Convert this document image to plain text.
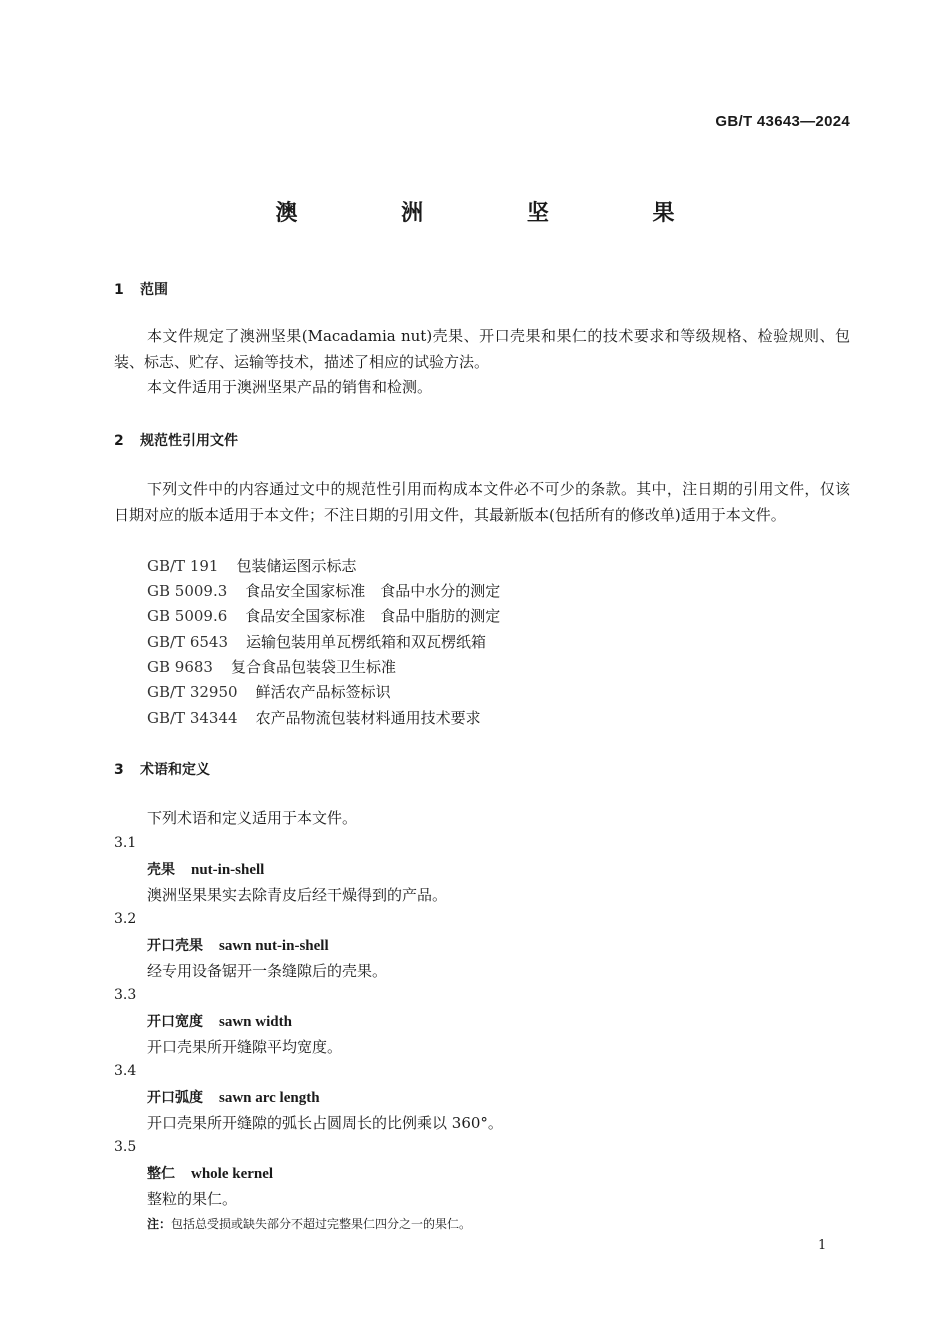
GB/T 43643—2024
澳 洲 坚 果
1 范围
本文件规定了澳洲坚果(Macadamia nut)壳果、开口壳果和果仁的技术要求和等级规格、检验规则、包装、标志、贮存、运输等技术，描述了相应的试验方法。
本文件适用于澳洲坚果产品的销售和检测。
2 规范性引用文件
下列文件中的内容通过文中的规范性引用而构成本文件必不可少的条款。其中，注日期的引用文件，仅该日期对应的版本适用于本文件；不注日期的引用文件，其最新版本(包括所有的修改单)适用于本文件。
GB/T 191 包装储运图示标志
GB 5009.3 食品安全国家标准　食品中水分的测定
GB 5009.6 食品安全国家标准　食品中脂肪的测定
GB/T 6543 运输包装用单瓦楞纸箱和双瓦楞纸箱
GB 9683 复合食品包装袋卫生标准
GB/T 32950 鲜活农产品标签标识
GB/T 34344 农产品物流包装材料通用技术要求
3 术语和定义
下列术语和定义适用于本文件。
3.1
壳果 nut-in-shell
澳洲坚果果实去除青皮后经干燥得到的产品。
3.2
开口壳果 sawn nut-in-shell
经专用设备锯开一条缝隙后的壳果。
3.3
开口宽度 sawn width
开口壳果所开缝隙平均宽度。
3.4
开口弧度 sawn arc length
开口壳果所开缝隙的弧长占圆周长的比例乘以 360°。
3.5
整仁 whole kernel
整粒的果仁。
注：包括总受损或缺失部分不超过完整果仁四分之一的果仁。
1
